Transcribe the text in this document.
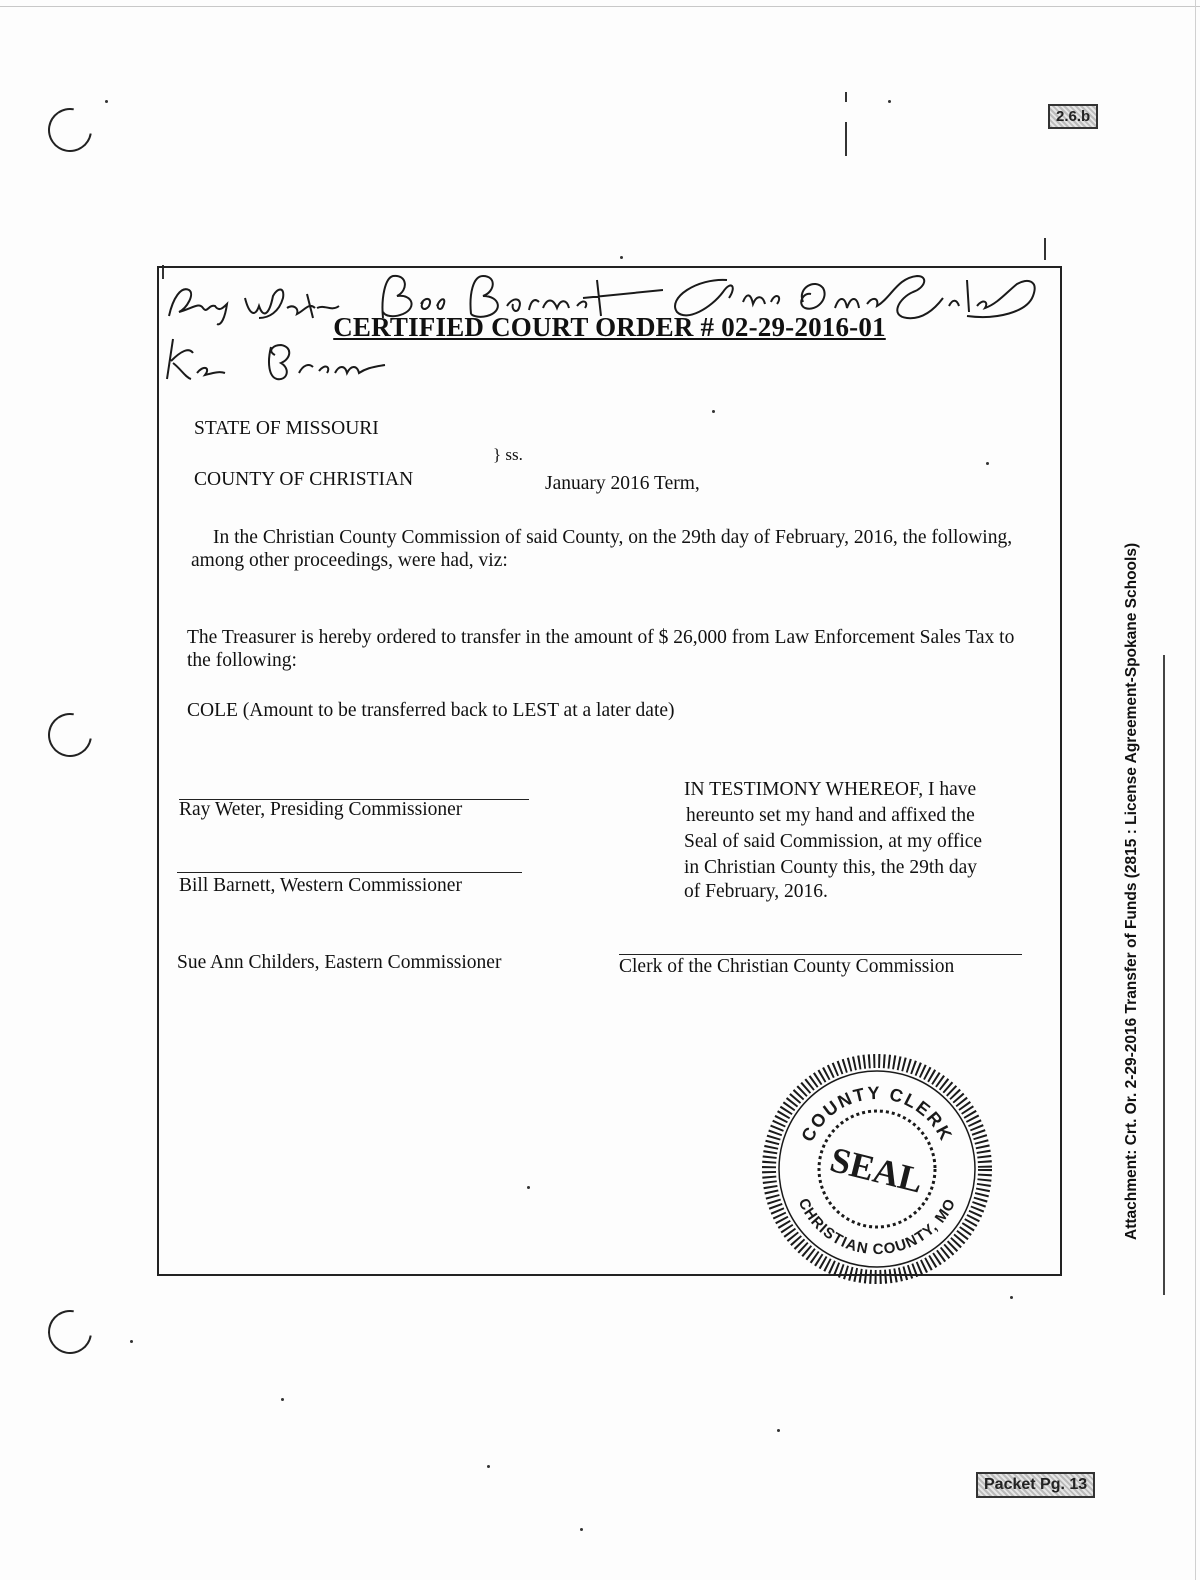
2.6.b
Packet Pg. 13
Attachment: Crt. Or. 2-29-2016 Transfer of Funds (2815 : License Agreement-Spokane Schools)
CERTIFIED COURT ORDER # 02-29-2016-01
STATE OF MISSOURI
} ss.
COUNTY OF CHRISTIAN	January 2016 Term,
In the Christian County Commission of said County, on the 29th day of February, 2016, the following, among other proceedings, were had, viz:
The Treasurer is hereby ordered to transfer in the amount of $ 26,000 from Law Enforcement Sales Tax to the following:
COLE (Amount to be transferred back to LEST at a later date)
Ray Weter, Presiding Commissioner
Bill Barnett, Western Commissioner
Sue Ann Childers, Eastern Commissioner
IN TESTIMONY WHEREOF, I have
hereunto set my hand and affixed the
Seal of said Commission, at my office
in Christian County this, the 29th day
of February, 2016.
Clerk of the Christian County Commission

COUNTY CLERK
CHRISTIAN COUNTY, MO
SEAL
